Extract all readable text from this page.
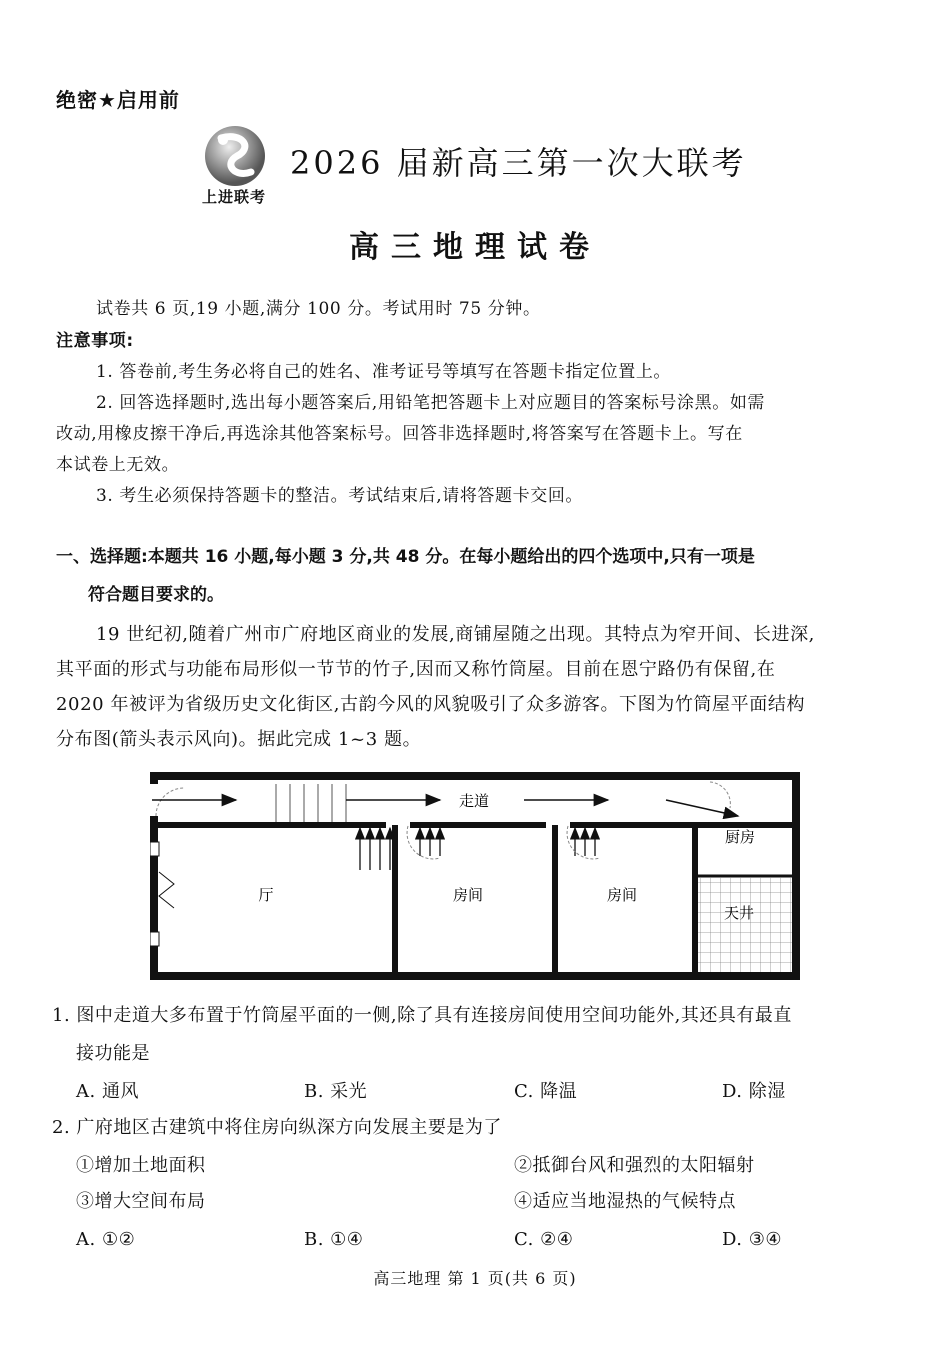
绝密★启用前
上进联考
2026 届新高三第一次大联考
高三地理试卷
试卷共 6 页,19 小题,满分 100 分。考试用时 75 分钟。
注意事项:
1. 答卷前,考生务必将自己的姓名、准考证号等填写在答题卡指定位置上。
2. 回答选择题时,选出每小题答案后,用铅笔把答题卡上对应题目的答案标号涂黑。如需
改动,用橡皮擦干净后,再选涂其他答案标号。回答非选择题时,将答案写在答题卡上。写在
本试卷上无效。
3. 考生必须保持答题卡的整洁。考试结束后,请将答题卡交回。
一、选择题:本题共 16 小题,每小题 3 分,共 48 分。在每小题给出的四个选项中,只有一项是
符合题目要求的。
19 世纪初,随着广州市广府地区商业的发展,商铺屋随之出现。其特点为窄开间、长进深,
其平面的形式与功能布局形似一节节的竹子,因而又称竹筒屋。目前在恩宁路仍有保留,在
2020 年被评为省级历史文化街区,古韵今风的风貌吸引了众多游客。下图为竹筒屋平面结构
分布图(箭头表示风向)。据此完成 1~3 题。
走道
厨房
厅	房间	房间
天井
1. 图中走道大多布置于竹筒屋平面的一侧,除了具有连接房间使用空间功能外,其还具有最直
接功能是
A. 通风	B. 采光	C. 降温	D. 除湿
2. 广府地区古建筑中将住房向纵深方向发展主要是为了
①增加土地面积	②抵御台风和强烈的太阳辐射
③增大空间布局	④适应当地湿热的气候特点
A. ①②	B. ①④	C. ②④	D. ③④
高三地理 第 1 页(共 6 页)
